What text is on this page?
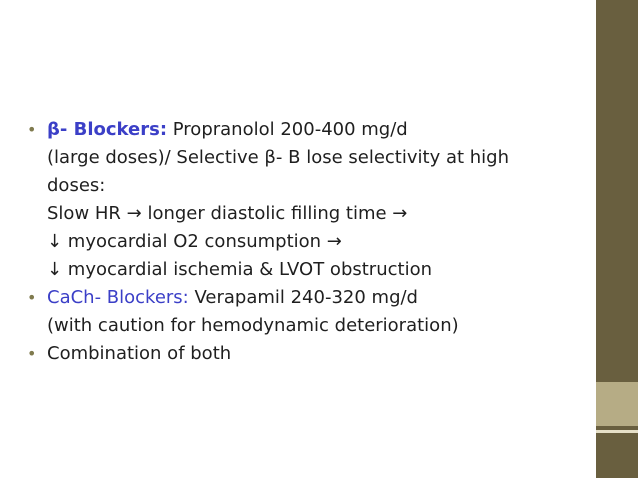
• β- Blockers: Propranolol 200-400 mg/d
(large doses)/ Selective β- B lose selectivity at high
doses:
Slow HR → longer diastolic filling time →
↓ myocardial O2 consumption →
↓ myocardial ischemia & LVOT obstruction
• CaCh- Blockers: Verapamil 240-320 mg/d
(with caution for hemodynamic deterioration)
• Combination of both
